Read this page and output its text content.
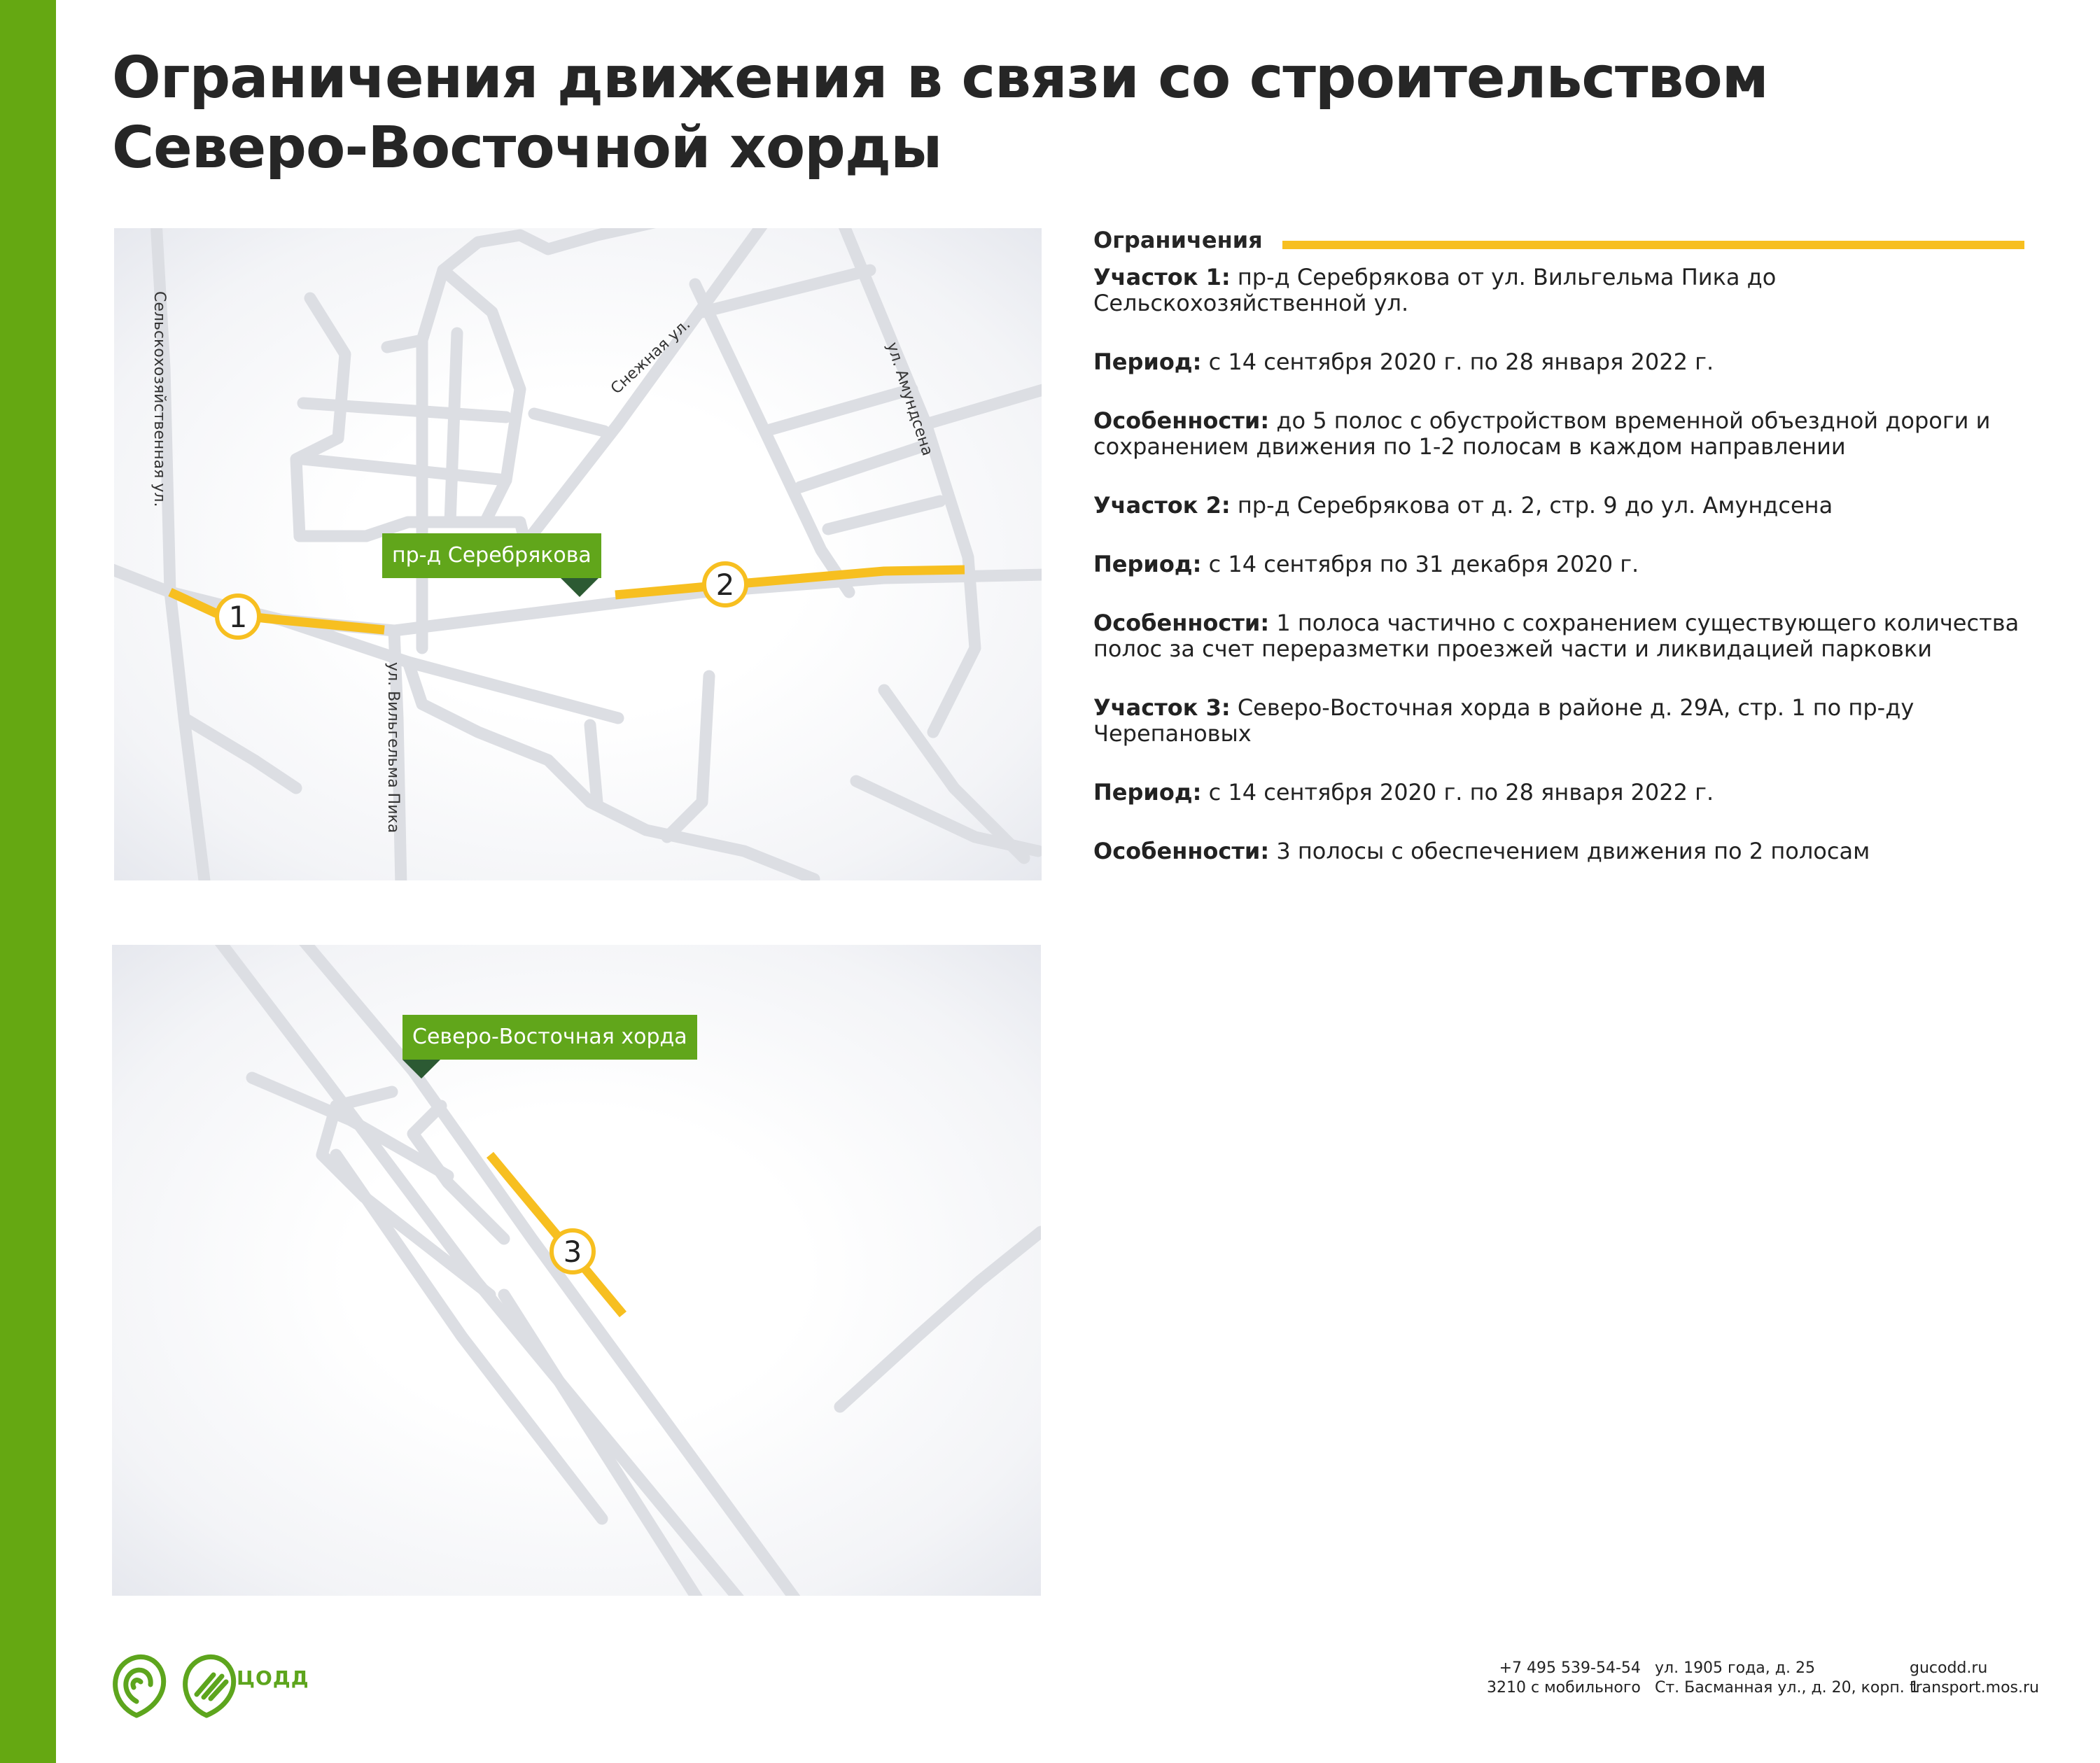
Ограничения движения в связи со строительством
Северо-Восточной хорды
1
2
Сельскохозяйственная ул.	Снежная ул.	ул. Амундсена
ул. Вильгельма Пика
пр-д Серебрякова
3
Северо-Восточная хорда
Ограничения
Участок 1: пр-д Серебрякова от ул. Вильгельма Пика до Сельскохозяйственной ул.
Период: с 14 сентября 2020 г. по 28 января 2022 г.
Особенности: до 5 полос с обустройством временной объездной дороги и сохранением движения по 1-2 полосам в каждом направлении
Участок 2: пр-д Серебрякова от д. 2, стр. 9 до ул. Амундсена
Период: с 14 сентября по 31 декабря 2020 г.
Особенности: 1 полоса частично с сохранением существующего количества полос за счет переразметки проезжей части и ликвидацией парковки
Участок 3: Северо-Восточная хорда в районе д. 29А, стр. 1 по пр-ду Черепановых
Период: с 14 сентября 2020 г. по 28 января 2022 г.
Особенности: 3 полосы с обеспечением движения по 2 полосам
ЦОДД	+7 495 539-54-54
3210 с мобильного
ул. 1905 года, д. 25
Ст. Басманная ул., д. 20, корп. 1
gucodd.ru
transport.mos.ru
